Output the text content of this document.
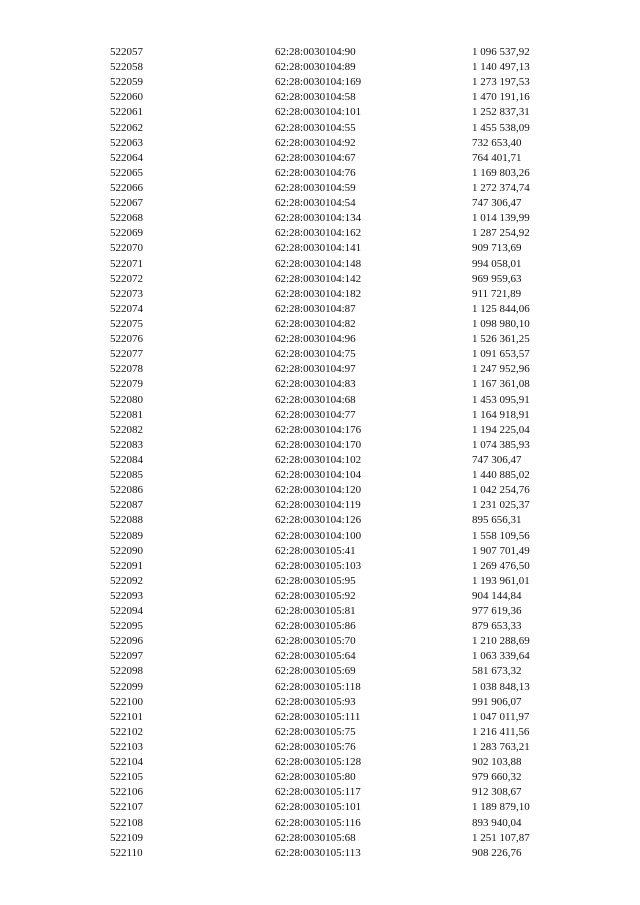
522057	62:28:0030104:90	1 096 537,92
522058	62:28:0030104:89	1 140 497,13
522059	62:28:0030104:169	1 273 197,53
522060	62:28:0030104:58	1 470 191,16
522061	62:28:0030104:101	1 252 837,31
522062	62:28:0030104:55	1 455 538,09
522063	62:28:0030104:92	732 653,40
522064	62:28:0030104:67	764 401,71
522065	62:28:0030104:76	1 169 803,26
522066	62:28:0030104:59	1 272 374,74
522067	62:28:0030104:54	747 306,47
522068	62:28:0030104:134	1 014 139,99
522069	62:28:0030104:162	1 287 254,92
522070	62:28:0030104:141	909 713,69
522071	62:28:0030104:148	994 058,01
522072	62:28:0030104:142	969 959,63
522073	62:28:0030104:182	911 721,89
522074	62:28:0030104:87	1 125 844,06
522075	62:28:0030104:82	1 098 980,10
522076	62:28:0030104:96	1 526 361,25
522077	62:28:0030104:75	1 091 653,57
522078	62:28:0030104:97	1 247 952,96
522079	62:28:0030104:83	1 167 361,08
522080	62:28:0030104:68	1 453 095,91
522081	62:28:0030104:77	1 164 918,91
522082	62:28:0030104:176	1 194 225,04
522083	62:28:0030104:170	1 074 385,93
522084	62:28:0030104:102	747 306,47
522085	62:28:0030104:104	1 440 885,02
522086	62:28:0030104:120	1 042 254,76
522087	62:28:0030104:119	1 231 025,37
522088	62:28:0030104:126	895 656,31
522089	62:28:0030104:100	1 558 109,56
522090	62:28:0030105:41	1 907 701,49
522091	62:28:0030105:103	1 269 476,50
522092	62:28:0030105:95	1 193 961,01
522093	62:28:0030105:92	904 144,84
522094	62:28:0030105:81	977 619,36
522095	62:28:0030105:86	879 653,33
522096	62:28:0030105:70	1 210 288,69
522097	62:28:0030105:64	1 063 339,64
522098	62:28:0030105:69	581 673,32
522099	62:28:0030105:118	1 038 848,13
522100	62:28:0030105:93	991 906,07
522101	62:28:0030105:111	1 047 011,97
522102	62:28:0030105:75	1 216 411,56
522103	62:28:0030105:76	1 283 763,21
522104	62:28:0030105:128	902 103,88
522105	62:28:0030105:80	979 660,32
522106	62:28:0030105:117	912 308,67
522107	62:28:0030105:101	1 189 879,10
522108	62:28:0030105:116	893 940,04
522109	62:28:0030105:68	1 251 107,87
522110	62:28:0030105:113	908 226,76
